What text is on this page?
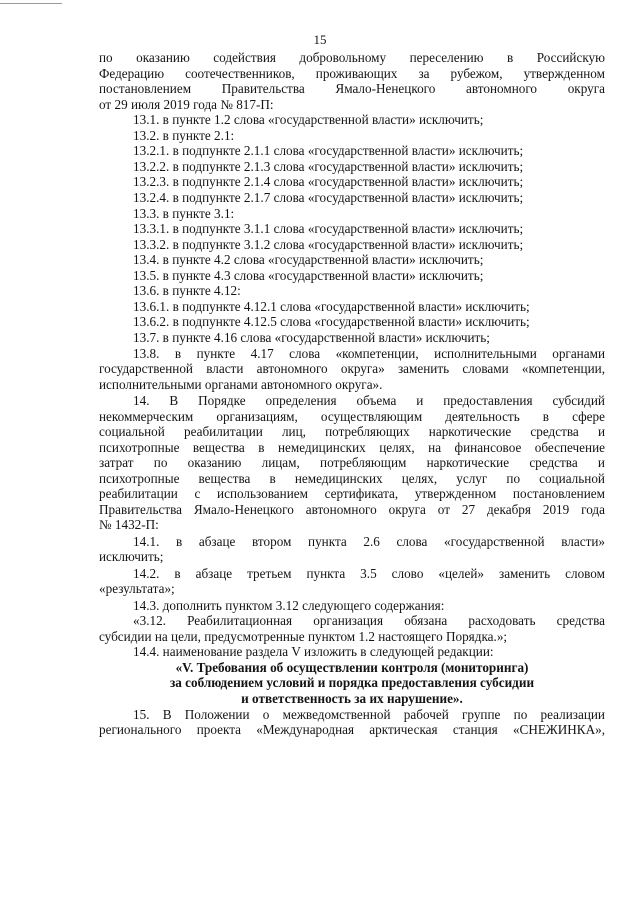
15
по оказанию содействия добровольному переселению в Российскую
Федерацию соотечественников, проживающих за рубежом, утвержденном
постановлением Правительства Ямало-Ненецкого автономного округа
от 29 июля 2019 года № 817-П:
13.1. в пункте 1.2 слова «государственной власти» исключить;
13.2. в пункте 2.1:
13.2.1. в подпункте 2.1.1 слова «государственной власти» исключить;
13.2.2. в подпункте 2.1.3 слова «государственной власти» исключить;
13.2.3. в подпункте 2.1.4 слова «государственной власти» исключить;
13.2.4. в подпункте 2.1.7 слова «государственной власти» исключить;
13.3. в пункте 3.1:
13.3.1. в подпункте 3.1.1 слова «государственной власти» исключить;
13.3.2. в подпункте 3.1.2 слова «государственной власти» исключить;
13.4. в пункте 4.2 слова «государственной власти» исключить;
13.5. в пункте 4.3 слова «государственной власти» исключить;
13.6. в пункте 4.12:
13.6.1. в подпункте 4.12.1 слова «государственной власти» исключить;
13.6.2. в подпункте 4.12.5 слова «государственной власти» исключить;
13.7. в пункте 4.16 слова «государственной власти» исключить;
13.8. в пункте 4.17 слова «компетенции, исполнительными органами
государственной власти автономного округа» заменить словами «компетенции,
исполнительными органами автономного округа».
14. В Порядке определения объема и предоставления субсидий
некоммерческим организациям, осуществляющим деятельность в сфере
социальной реабилитации лиц, потребляющих наркотические средства и
психотропные вещества в немедицинских целях, на финансовое обеспечение
затрат по оказанию лицам, потребляющим наркотические средства и
психотропные вещества в немедицинских целях, услуг по социальной
реабилитации с использованием сертификата, утвержденном постановлением
Правительства Ямало-Ненецкого автономного округа от 27 декабря 2019 года
№ 1432-П:
14.1. в абзаце втором пункта 2.6 слова «государственной власти»
исключить;
14.2. в абзаце третьем пункта 3.5 слово «целей» заменить словом
«результата»;
14.3. дополнить пунктом 3.12 следующего содержания:
«3.12. Реабилитационная организация обязана расходовать средства
субсидии на цели, предусмотренные пунктом 1.2 настоящего Порядка.»;
14.4. наименование раздела V изложить в следующей редакции:
«V. Требования об осуществлении контроля (мониторинга)
за соблюдением условий и порядка предоставления субсидии
и ответственность за их нарушение».
15. В Положении о межведомственной рабочей группе по реализации
регионального проекта «Международная арктическая станция «СНЕЖИНКА»,
